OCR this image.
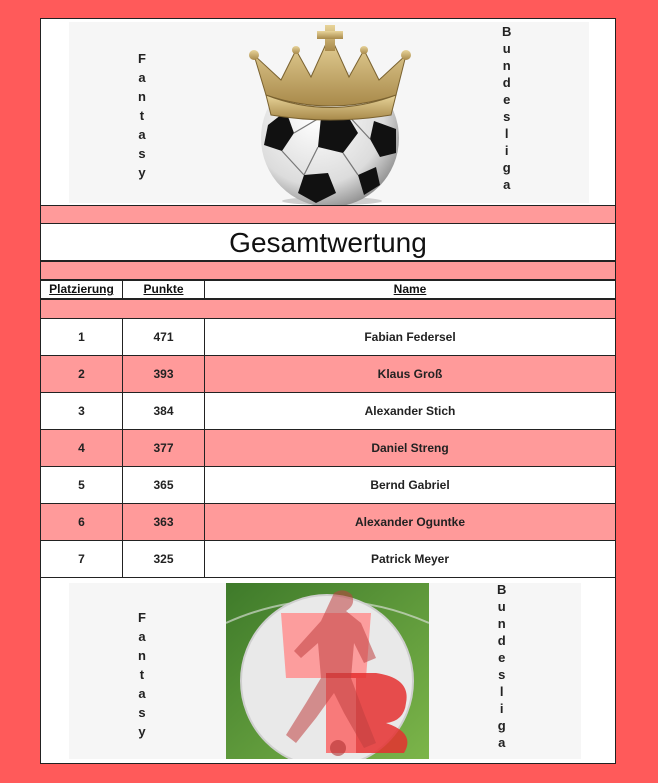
F
a
n
t
a
s
y
B
u
n
d
e
s
l
i
g
a
Gesamtwertung
Platzierung	Punkte	Name
1	471	Fabian Federsel
2	393	Klaus Groß
3	384	Alexander Stich
4	377	Daniel Streng
5	365	Bernd Gabriel
6	363	Alexander Oguntke
7	325	Patrick Meyer
F
a
n
t
a
s
y
B
u
n
d
e
s
l
i
g
a
